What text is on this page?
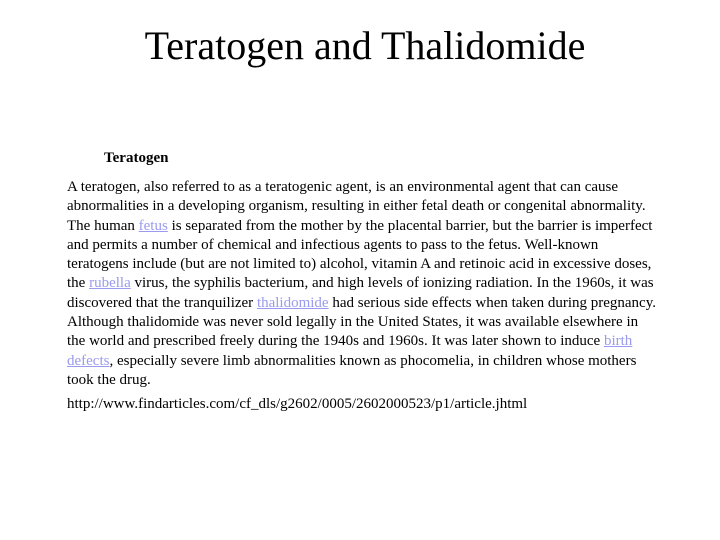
Teratogen and Thalidomide

Teratogen

A teratogen, also referred to as a teratogenic agent, is an environmental agent that can cause abnormalities in a developing organism, resulting in either fetal death or congenital abnormality. The human fetus is separated from the mother by the placental barrier, but the barrier is imperfect and permits a number of chemical and infectious agents to pass to the fetus. Well-known teratogens include (but are not limited to) alcohol, vitamin A and retinoic acid in excessive doses, the rubella virus, the syphilis bacterium, and high levels of ionizing radiation. In the 1960s, it was discovered that the tranquilizer thalidomide had serious side effects when taken during pregnancy. Although thalidomide was never sold legally in the United States, it was available elsewhere in the world and prescribed freely during the 1940s and 1960s. It was later shown to induce birth defects, especially severe limb abnormalities known as phocomelia, in children whose mothers took the drug.

http://www.findarticles.com/cf_dls/g2602/0005/2602000523/p1/article.jhtml
